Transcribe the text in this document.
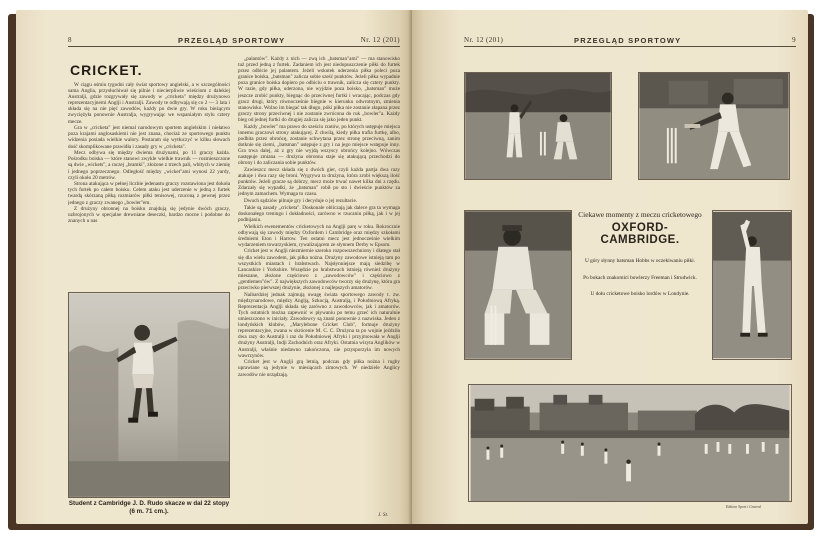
8	PRZEGLĄD SPORTOWY	Nr. 12 (201)
CRICKET.

W ciągu ośmiu tygodni cały świat sportowy angielski, a w szczególności sama Anglia, przysłuchiwał się pilnie i niecierpliwie wieściom z dalekiej Australji, gdzie rozgrywały się zawody w „cricketa" między drużynowo reprezentacyjnemi Anglji i Australji. Zawody te odbywają się co 2 — 3 lata i składa się na nie pięć zawodów, każdy po dwie gry. W roku bieżącym zwyciężyła ponownie Australja, wygrywając we wspaniałym stylu cztery mecze.

Gra w „cricketa" jest niemal narodowym sportem angielskim i niełatwo poza krajami anglosaskiemi nie jest znana, chociaż ze sportowego punktu widzenia posiada wielkie walory. Postaram się wytłuczyć w kilku słowach dość skomplikowane prawidła i zasady gry w „cricketa".

Mecz odbywa się między dwiema drużynami, po 11 graczy każda. Pośrodku boiska — które stanowi zwykle wielkie trawnik — rozmieszczone są dwie „wickets", a raczej „bramki", złożone z trzech pali, wbitych w ziemię i jednego poprzecznego. Odległość między „wicket"ami wynosi 22 yardy, czyli około 20 metrów.

Strona atakująca w pełnej liczbie jedenastu graczy rozstawiona jest dokoła tych furtek po całem boisku. Celem ataku jest uderzenie w jedną z furtek twardą skórzaną piłką rozmiarów piłki tenisowej, rzuconą z pewnej przez jednego z graczy zwanego „bowler"em.

Z drużyny obronnej na boisku znajdują się jedynie dwóch graczy, uzbrojonych w specjalne drewniane deseczki, bardzo mocne i podobne do znanych u nas

Student z Cambridge J. D. Rudo skacze w dal 22 stopy (6 m. 71 cm.).

„palantów". Każdy z nich — zwą ich „batsman"ami" — ma stanowisko tuż przed jedną z furtek. Zadaniem ich jest niedopuszczenie piłki do furtek przez odbicie jej palantem. Jeżeli wskutek uderzenia piłka poleci poza granice boiska, „batsman" zalicza sobie sześć punktów. Jeżeli piłka wypadnie poza granice boiska dopiero po odbiciu o trawnik, zalicza się cztery punkty. W razie, gdy piłka, uderzona, nie wyjdzie poza boisko, „batsman" może jeszcze zrobić punkty, biegnąc do przeciwnej furtki i wracając, podczas gdy gracz drugi, który równocześnie biegnie w kierunku odwrotnym, zmienia stanowisko. Wolno im biegać tak długo, póki piłka nie zostanie złapana przez graczy strony przeciwnej i nie zostanie zwrócona do ruk „bowler"a. Każdy bieg od jednej furtki do drugiej zalicza się jako jeden punkt.

Każdy „bowler" ma prawo do sześciu rzutów, po których ustępuje miejsca innemu graczowi strony atakującej. Z chwilą, kiedy piłka trafia furtkę, albo, podbita przez obrońcę, zostanie schwytana przez stronę przeciwną, zanim dotknie się ziemi, „batsman" ustępuje z gry i na jego miejsce wstępuje inny. Gra trwa dalej, aż z gry nie wyjdą wszyscy obrońcy kolejno. Wówczas następuje zmiana — drużyna obronna staje się atakującą przechodzi do obrony i do zaliczania sobie punktów.

Zawieszcz mecz składa się z dwóch gier, czyli każda partja dwa razy atakuje i dwa razy się broni. Wygrywa ta drużyna, która zrobi większą ilość punktów. Jeżeli gracze są dobrzy, mecz może trwać nawet kilka dni z rzędu. Zdarzały się wypadki, że „batsman" robił po sto i dwieście punktów za jednym zamachem. Wymaga to czasu.

Dwuch sądziów pilnuje gry i decyduje o jej rezultacie.

Takie są zasady „cricketa". Doskonale obliczają jak dalece gra ta wymaga doskonałego treningu i dokładności, zarówno w rzucaniu piłką, jak i w jej podbijaniu.

Wielkich ewenementów cricketowych na Anglji parę w roku. Rokrocznie odbywają się zawody między Oxfordem i Cambridge oraz między szkołami średniemi Eton i Harrow. Ten ostatni mecz jest jednocześnie wielkim wydarzeniem towarzyskiem, rywalizującem ze słynnem Derby w Epsom.

Cricket jest w Anglji niezmiernie szeroko rozpowszechniony i dlatego stał się dla wielu zawodem, jak piłka nożna. Drużyny zawodowe istnieją tam po wszystkich miastach i hrabstwach. Najsłynniejsze mają siedzibę w Lancashire i Yorkshire. Wszędzie po hrabstwach istnieją również drużyny mieszane, złożone częściowo z „zawodowców" i częściowo z „gentlemen"ów". Z największych zawodowców tworzy się drużynę, która gra przeciwko pierwszej drużynie, złożonej z najlepszych amatorów.

Naibardziej jednak zajmują uwagę świata sportowego zawody t. zw. międzynarodowe, między Anglją, Szkocją, Australją, i Południową Afryką. Reprezentacja Anglji składa się zarówno z zawodowców, jak i amatorów. Tych ostatnich można zapewnić w pływaniu po temu grzeć ich naturalnie umieszczono w iniciały. Zawodowcy są znani ponownie z nazwiska. Jeden z londyńskich klubów, „Marylebone Cricket Club", formuje drużyny reprezentacyjne, zwana w skrócenie M. C. C. Drużyna ta po wojnie jeździła dwa razy do Australji i raz do Południowej Afryki i przyjmowała w Anglji drużyny Australji, Indji Zachodnich oraz Afryki. Ostatnia wizyta Anglików w Australji, właśnie niedawno zakończona, nie przysporzyła im nowych wawrzynów.

Cricket jest w Anglji grą letnią, podczas gdy piłka nożna i rugby uprawiane są jedynie w miesiącach zimowych. W niedziele Anglicy zawodów nie urządzają.

J. St.
Nr. 12 (201)	PRZEGLĄD SPORTOWY	9
Ciekawe momenty z meczu cricketowego
OXFORD-CAMBRIDGE.
U góry słynny batsman Hobbs w oczekiwaniu piłki.
Po bokach znakomici bowlerzy Freeman i Strudwick.
U dołu cricketowe boisko lordów w Londynie.
Edition Sport i Gmeral
